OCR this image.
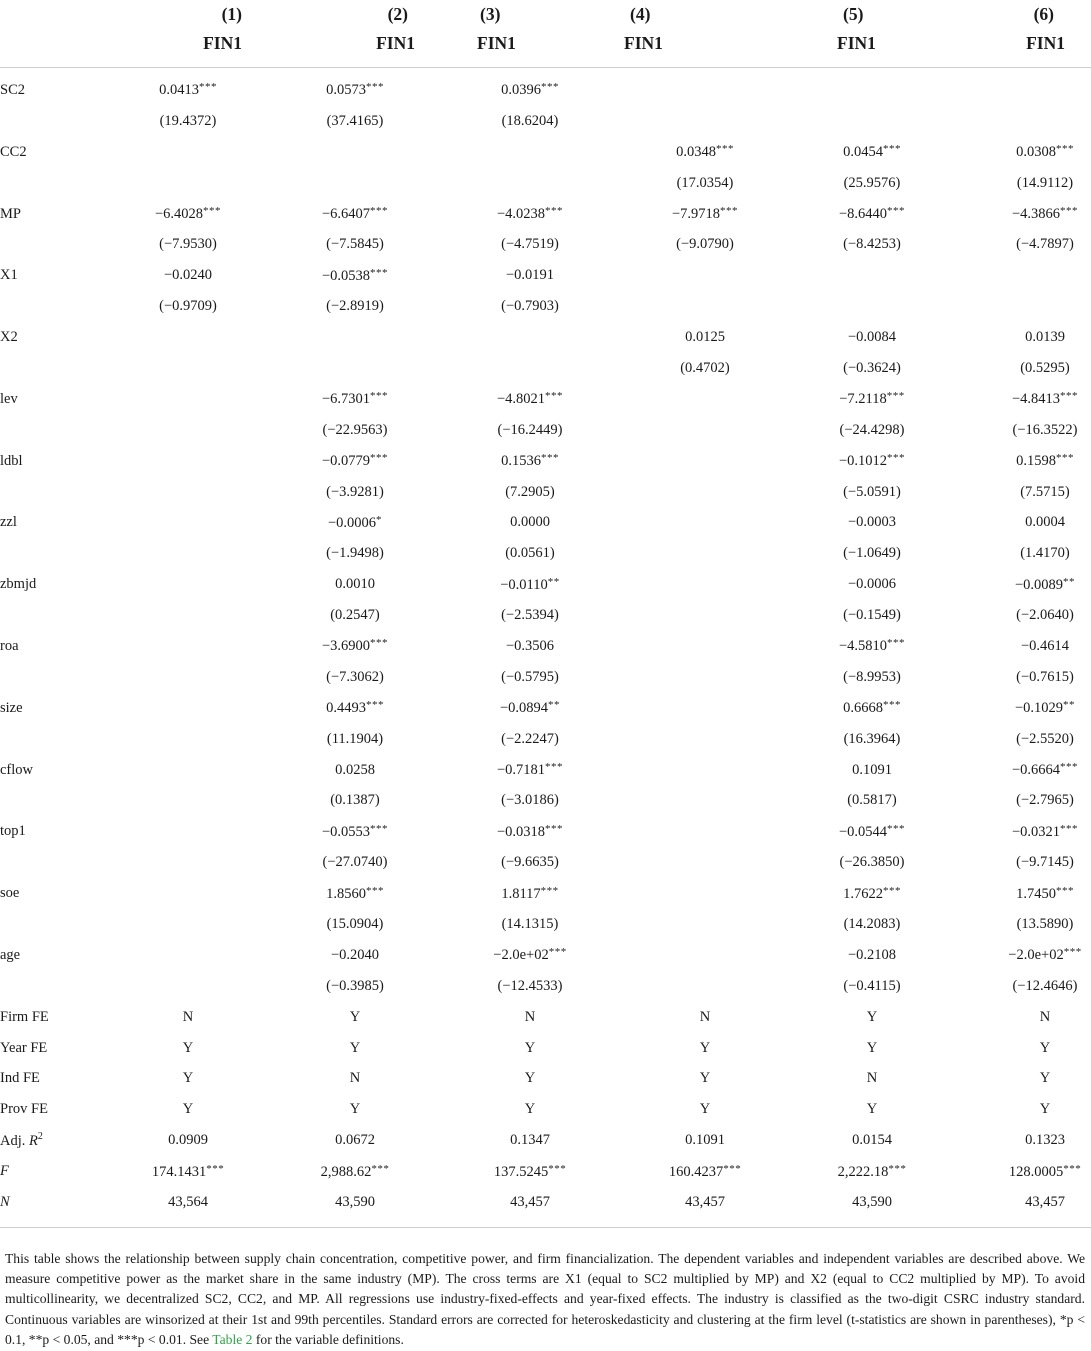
	(1)	(2)	(3)	(4)	(5)	(6)
	FIN1	FIN1	FIN1	FIN1	FIN1	FIN1

SC2	0.0413***	0.0573***	0.0396***			
	(19.4372)	(37.4165)	(18.6204)			
CC2				0.0348***	0.0454***	0.0308***
				(17.0354)	(25.9576)	(14.9112)
MP	−6.4028***	−6.6407***	−4.0238***	−7.9718***	−8.6440***	−4.3866***
	(−7.9530)	(−7.5845)	(−4.7519)	(−9.0790)	(−8.4253)	(−4.7897)
X1	−0.0240	−0.0538***	−0.0191			
	(−0.9709)	(−2.8919)	(−0.7903)			
X2				0.0125	−0.0084	0.0139
				(0.4702)	(−0.3624)	(0.5295)
lev		−6.7301***	−4.8021***		−7.2118***	−4.8413***
		(−22.9563)	(−16.2449)		(−24.4298)	(−16.3522)
ldbl		−0.0779***	0.1536***		−0.1012***	0.1598***
		(−3.9281)	(7.2905)		(−5.0591)	(7.5715)
zzl		−0.0006*	0.0000		−0.0003	0.0004
		(−1.9498)	(0.0561)		(−1.0649)	(1.4170)
zbmjd		0.0010	−0.0110**		−0.0006	−0.0089**
		(0.2547)	(−2.5394)		(−0.1549)	(−2.0640)
roa		−3.6900***	−0.3506		−4.5810***	−0.4614
		(−7.3062)	(−0.5795)		(−8.9953)	(−0.7615)
size		0.4493***	−0.0894**		0.6668***	−0.1029**
		(11.1904)	(−2.2247)		(16.3964)	(−2.5520)
cflow		0.0258	−0.7181***		0.1091	−0.6664***
		(0.1387)	(−3.0186)		(0.5817)	(−2.7965)
top1		−0.0553***	−0.0318***		−0.0544***	−0.0321***
		(−27.0740)	(−9.6635)		(−26.3850)	(−9.7145)
soe		1.8560***	1.8117***		1.7622***	1.7450***
		(15.0904)	(14.1315)		(14.2083)	(13.5890)
age		−0.2040	−2.0e+02***		−0.2108	−2.0e+02***
		(−0.3985)	(−12.4533)		(−0.4115)	(−12.4646)
Firm FE	N	Y	N	N	Y	N
Year FE	Y	Y	Y	Y	Y	Y
Ind FE	Y	N	Y	Y	N	Y
Prov FE	Y	Y	Y	Y	Y	Y
Adj. $R^2$	0.0909	0.0672	0.1347	0.1091	0.0154	0.1323
F	174.1431***	2,988.62***	137.5245***	160.4237***	2,222.18***	128.0005***
N	43,564	43,590	43,457	43,457	43,590	43,457

This table shows the relationship between supply chain concentration, competitive power, and firm financialization. The dependent variables and independent variables are described above. We measure competitive power as the market share in the same industry (MP). The cross terms are X1 (equal to SC2 multiplied by MP) and X2 (equal to CC2 multiplied by MP). To avoid multicollinearity, we decentralized SC2, CC2, and MP. All regressions use industry-fixed-effects and year-fixed effects. The industry is classified as the two-digit CSRC industry standard. Continuous variables are winsorized at their 1st and 99th percentiles. Standard errors are corrected for heteroskedasticity and clustering at the firm level (t-statistics are shown in parentheses), *p < 0.1, **p < 0.05, and ***p < 0.01. See Table 2 for the variable definitions.
